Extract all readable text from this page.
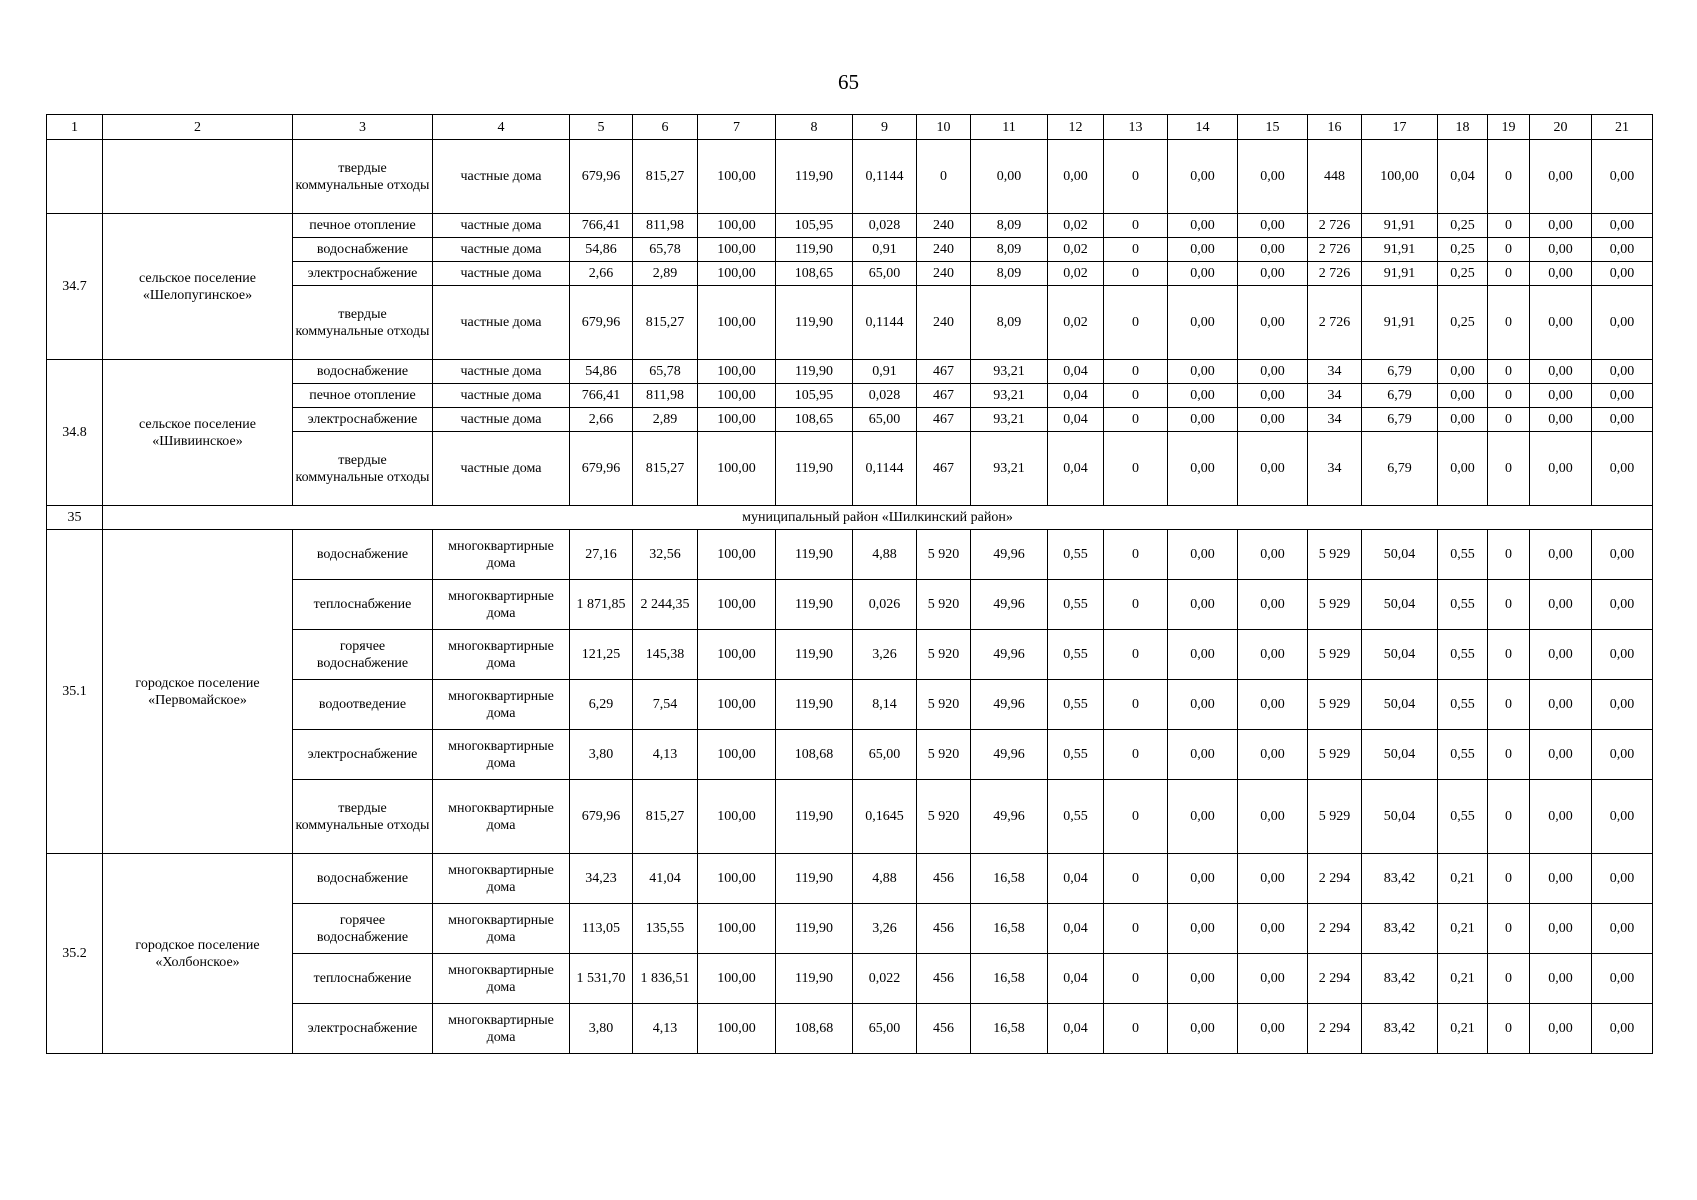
65
1	2	3	4	5	6	7	8	9	10	11	12	13	14	15	16	17	18	19	20	21
		твердые коммунальные отходы	частные дома	679,96	815,27	100,00	119,90	0,1144	0	0,00	0,00	0	0,00	0,00	448	100,00	0,04	0	0,00	0,00
34.7	сельское поселение «Шелопугинское»	печное отопление	частные дома	766,41	811,98	100,00	105,95	0,028	240	8,09	0,02	0	0,00	0,00	2 726	91,91	0,25	0	0,00	0,00
		водоснабжение	частные дома	54,86	65,78	100,00	119,90	0,91	240	8,09	0,02	0	0,00	0,00	2 726	91,91	0,25	0	0,00	0,00
		электроснабжение	частные дома	2,66	2,89	100,00	108,65	65,00	240	8,09	0,02	0	0,00	0,00	2 726	91,91	0,25	0	0,00	0,00
		твердые коммунальные отходы	частные дома	679,96	815,27	100,00	119,90	0,1144	240	8,09	0,02	0	0,00	0,00	2 726	91,91	0,25	0	0,00	0,00
34.8	сельское поселение «Шивиинское»	водоснабжение	частные дома	54,86	65,78	100,00	119,90	0,91	467	93,21	0,04	0	0,00	0,00	34	6,79	0,00	0	0,00	0,00
		печное отопление	частные дома	766,41	811,98	100,00	105,95	0,028	467	93,21	0,04	0	0,00	0,00	34	6,79	0,00	0	0,00	0,00
		электроснабжение	частные дома	2,66	2,89	100,00	108,65	65,00	467	93,21	0,04	0	0,00	0,00	34	6,79	0,00	0	0,00	0,00
		твердые коммунальные отходы	частные дома	679,96	815,27	100,00	119,90	0,1144	467	93,21	0,04	0	0,00	0,00	34	6,79	0,00	0	0,00	0,00
35	муниципальный район «Шилкинский район»																			
35.1	городское поселение «Первомайское»	водоснабжение	многоквартирные дома	27,16	32,56	100,00	119,90	4,88	5 920	49,96	0,55	0	0,00	0,00	5 929	50,04	0,55	0	0,00	0,00
		теплоснабжение	многоквартирные дома	1 871,85	2 244,35	100,00	119,90	0,026	5 920	49,96	0,55	0	0,00	0,00	5 929	50,04	0,55	0	0,00	0,00
		горячее водоснабжение	многоквартирные дома	121,25	145,38	100,00	119,90	3,26	5 920	49,96	0,55	0	0,00	0,00	5 929	50,04	0,55	0	0,00	0,00
		водоотведение	многоквартирные дома	6,29	7,54	100,00	119,90	8,14	5 920	49,96	0,55	0	0,00	0,00	5 929	50,04	0,55	0	0,00	0,00
		электроснабжение	многоквартирные дома	3,80	4,13	100,00	108,68	65,00	5 920	49,96	0,55	0	0,00	0,00	5 929	50,04	0,55	0	0,00	0,00
		твердые коммунальные отходы	многоквартирные дома	679,96	815,27	100,00	119,90	0,1645	5 920	49,96	0,55	0	0,00	0,00	5 929	50,04	0,55	0	0,00	0,00
35.2	городское поселение «Холбонское»	водоснабжение	многоквартирные дома	34,23	41,04	100,00	119,90	4,88	456	16,58	0,04	0	0,00	0,00	2 294	83,42	0,21	0	0,00	0,00
		горячее водоснабжение	многоквартирные дома	113,05	135,55	100,00	119,90	3,26	456	16,58	0,04	0	0,00	0,00	2 294	83,42	0,21	0	0,00	0,00
		теплоснабжение	многоквартирные дома	1 531,70	1 836,51	100,00	119,90	0,022	456	16,58	0,04	0	0,00	0,00	2 294	83,42	0,21	0	0,00	0,00
		электроснабжение	многоквартирные дома	3,80	4,13	100,00	108,68	65,00	456	16,58	0,04	0	0,00	0,00	2 294	83,42	0,21	0	0,00	0,00
